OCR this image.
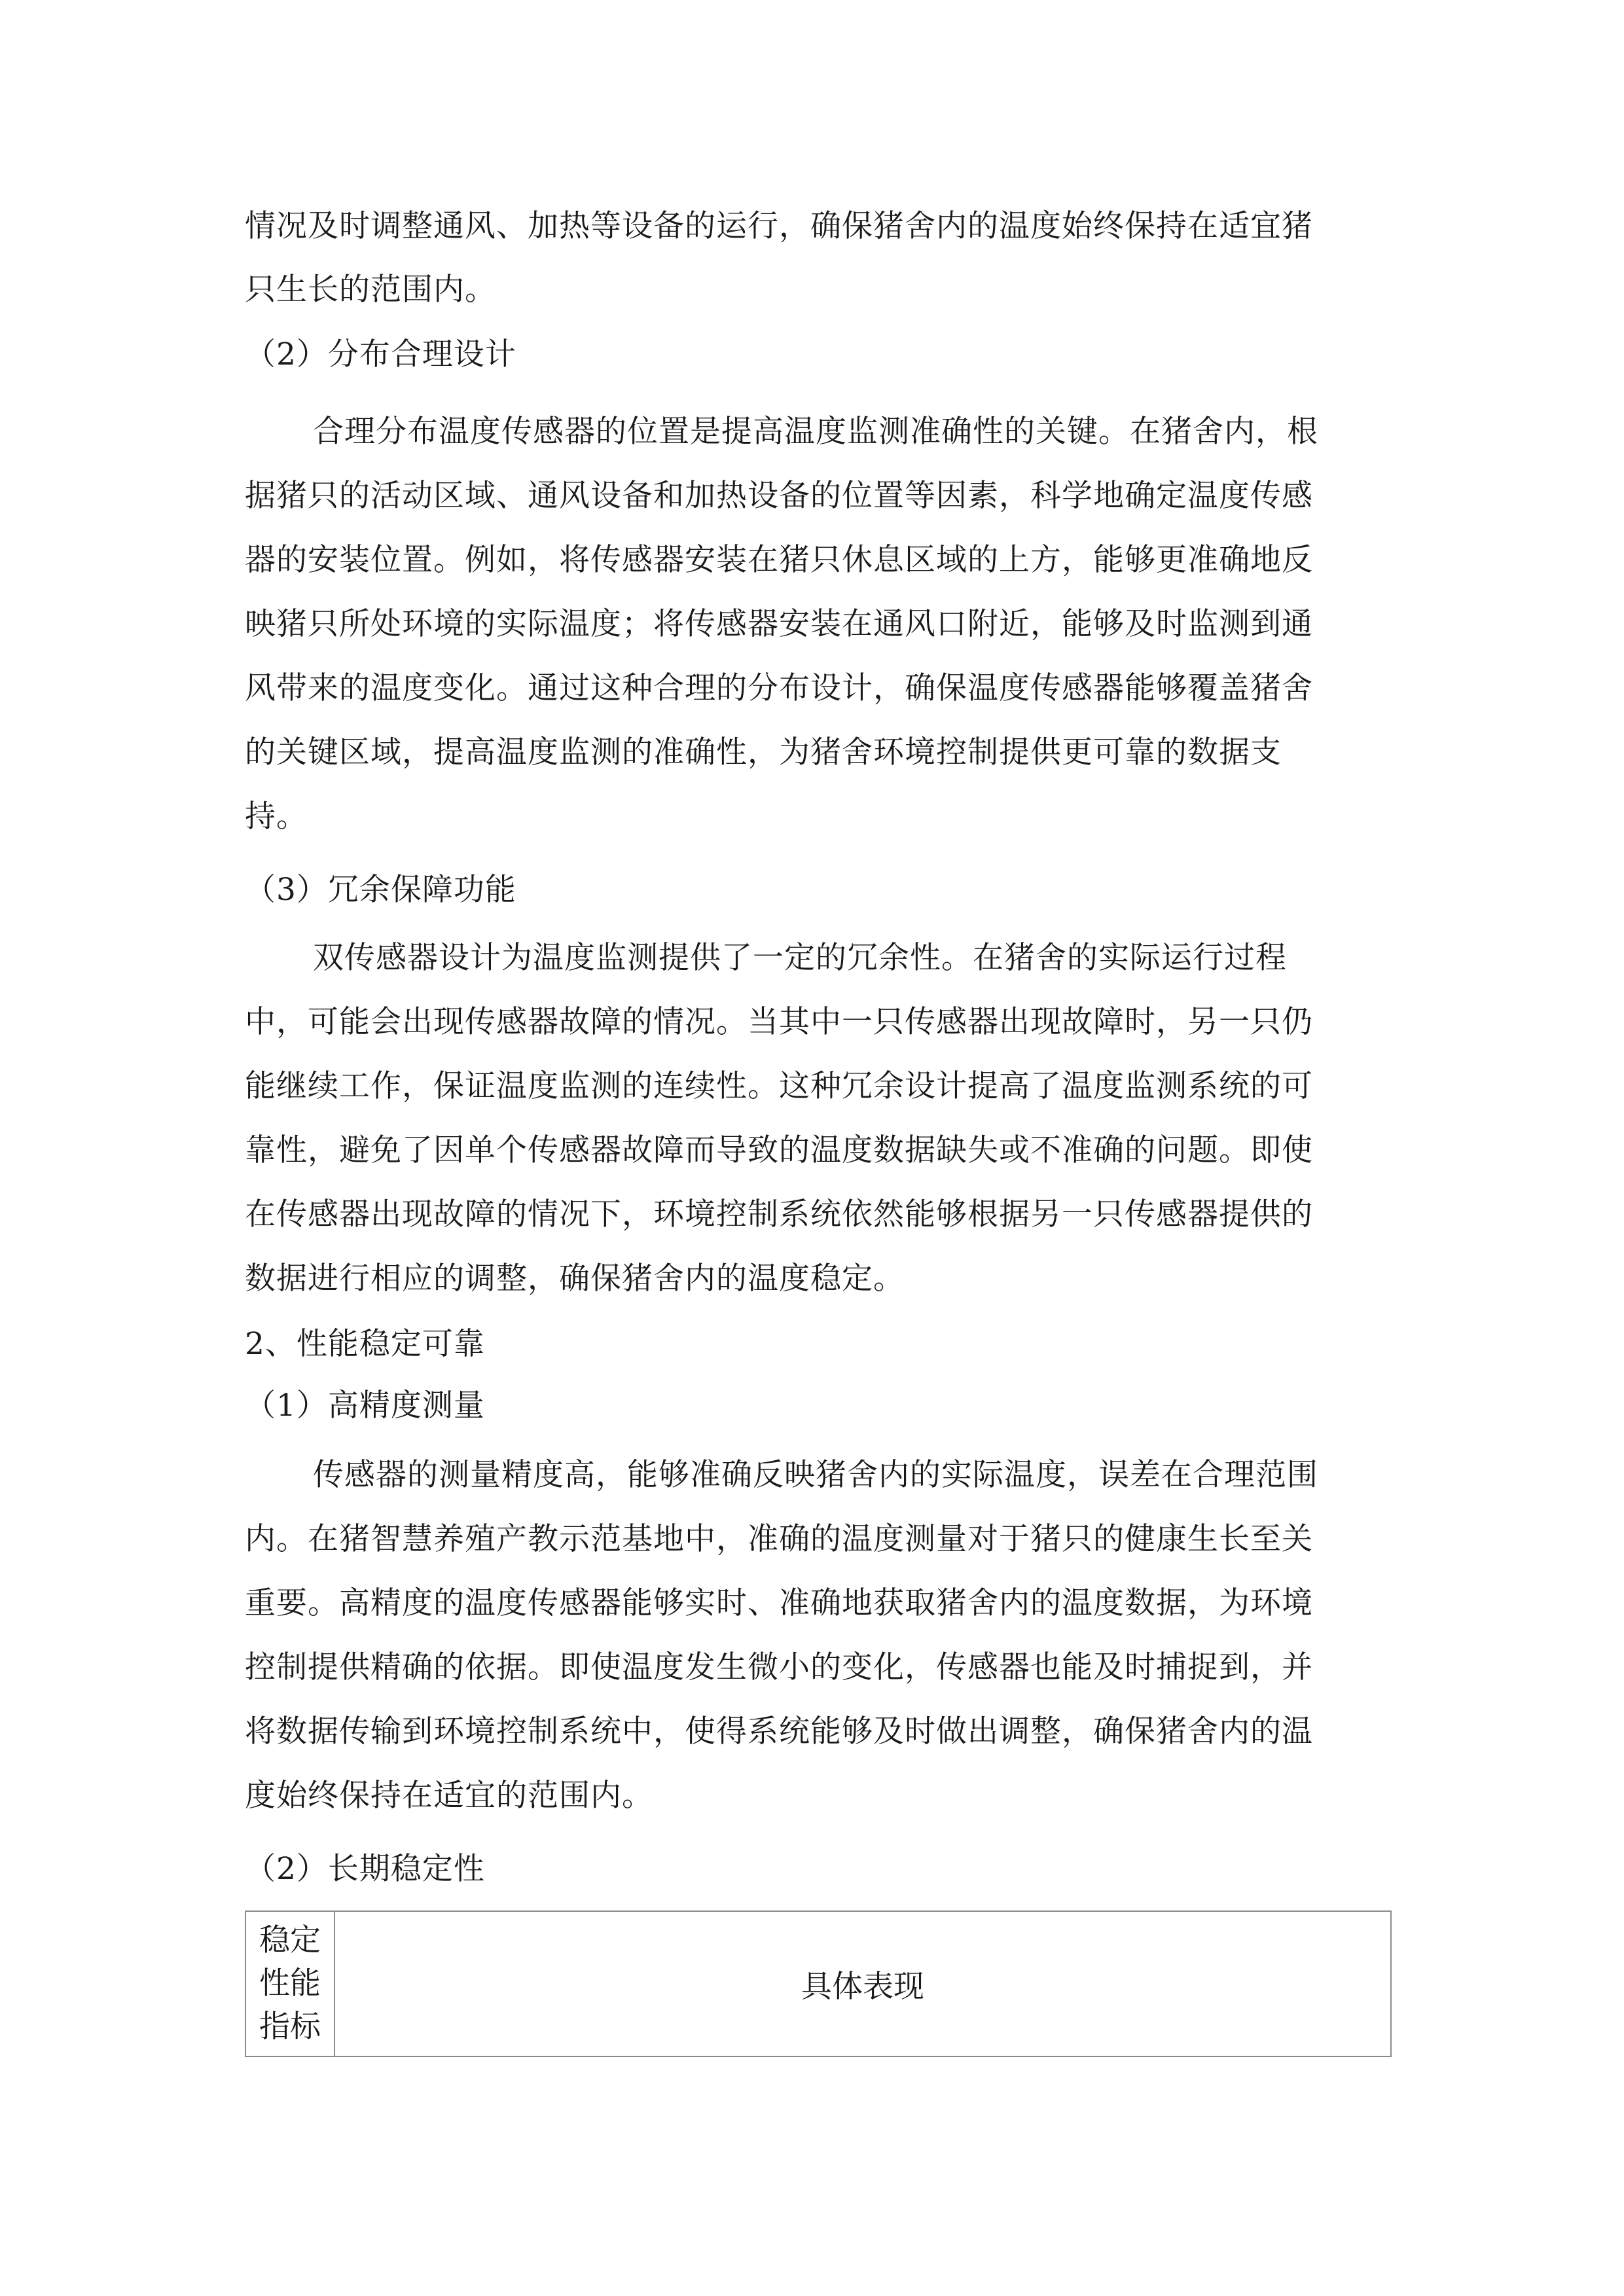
情况及时调整通风、加热等设备的运行，确保猪舍内的温度始终保持在适宜猪
只生长的范围内。
（2）分布合理设计
合理分布温度传感器的位置是提高温度监测准确性的关键。在猪舍内，根
据猪只的活动区域、通风设备和加热设备的位置等因素，科学地确定温度传感
器的安装位置。例如，将传感器安装在猪只休息区域的上方，能够更准确地反
映猪只所处环境的实际温度；将传感器安装在通风口附近，能够及时监测到通
风带来的温度变化。通过这种合理的分布设计，确保温度传感器能够覆盖猪舍
的关键区域，提高温度监测的准确性，为猪舍环境控制提供更可靠的数据支
持。
（3）冗余保障功能
双传感器设计为温度监测提供了一定的冗余性。在猪舍的实际运行过程
中，可能会出现传感器故障的情况。当其中一只传感器出现故障时，另一只仍
能继续工作，保证温度监测的连续性。这种冗余设计提高了温度监测系统的可
靠性，避免了因单个传感器故障而导致的温度数据缺失或不准确的问题。即使
在传感器出现故障的情况下，环境控制系统依然能够根据另一只传感器提供的
数据进行相应的调整，确保猪舍内的温度稳定。
2、性能稳定可靠
（1）高精度测量
传感器的测量精度高，能够准确反映猪舍内的实际温度，误差在合理范围
内。在猪智慧养殖产教示范基地中，准确的温度测量对于猪只的健康生长至关
重要。高精度的温度传感器能够实时、准确地获取猪舍内的温度数据，为环境
控制提供精确的依据。即使温度发生微小的变化，传感器也能及时捕捉到，并
将数据传输到环境控制系统中，使得系统能够及时做出调整，确保猪舍内的温
度始终保持在适宜的范围内。
（2）长期稳定性
稳定
性能
指标
	具体表现
